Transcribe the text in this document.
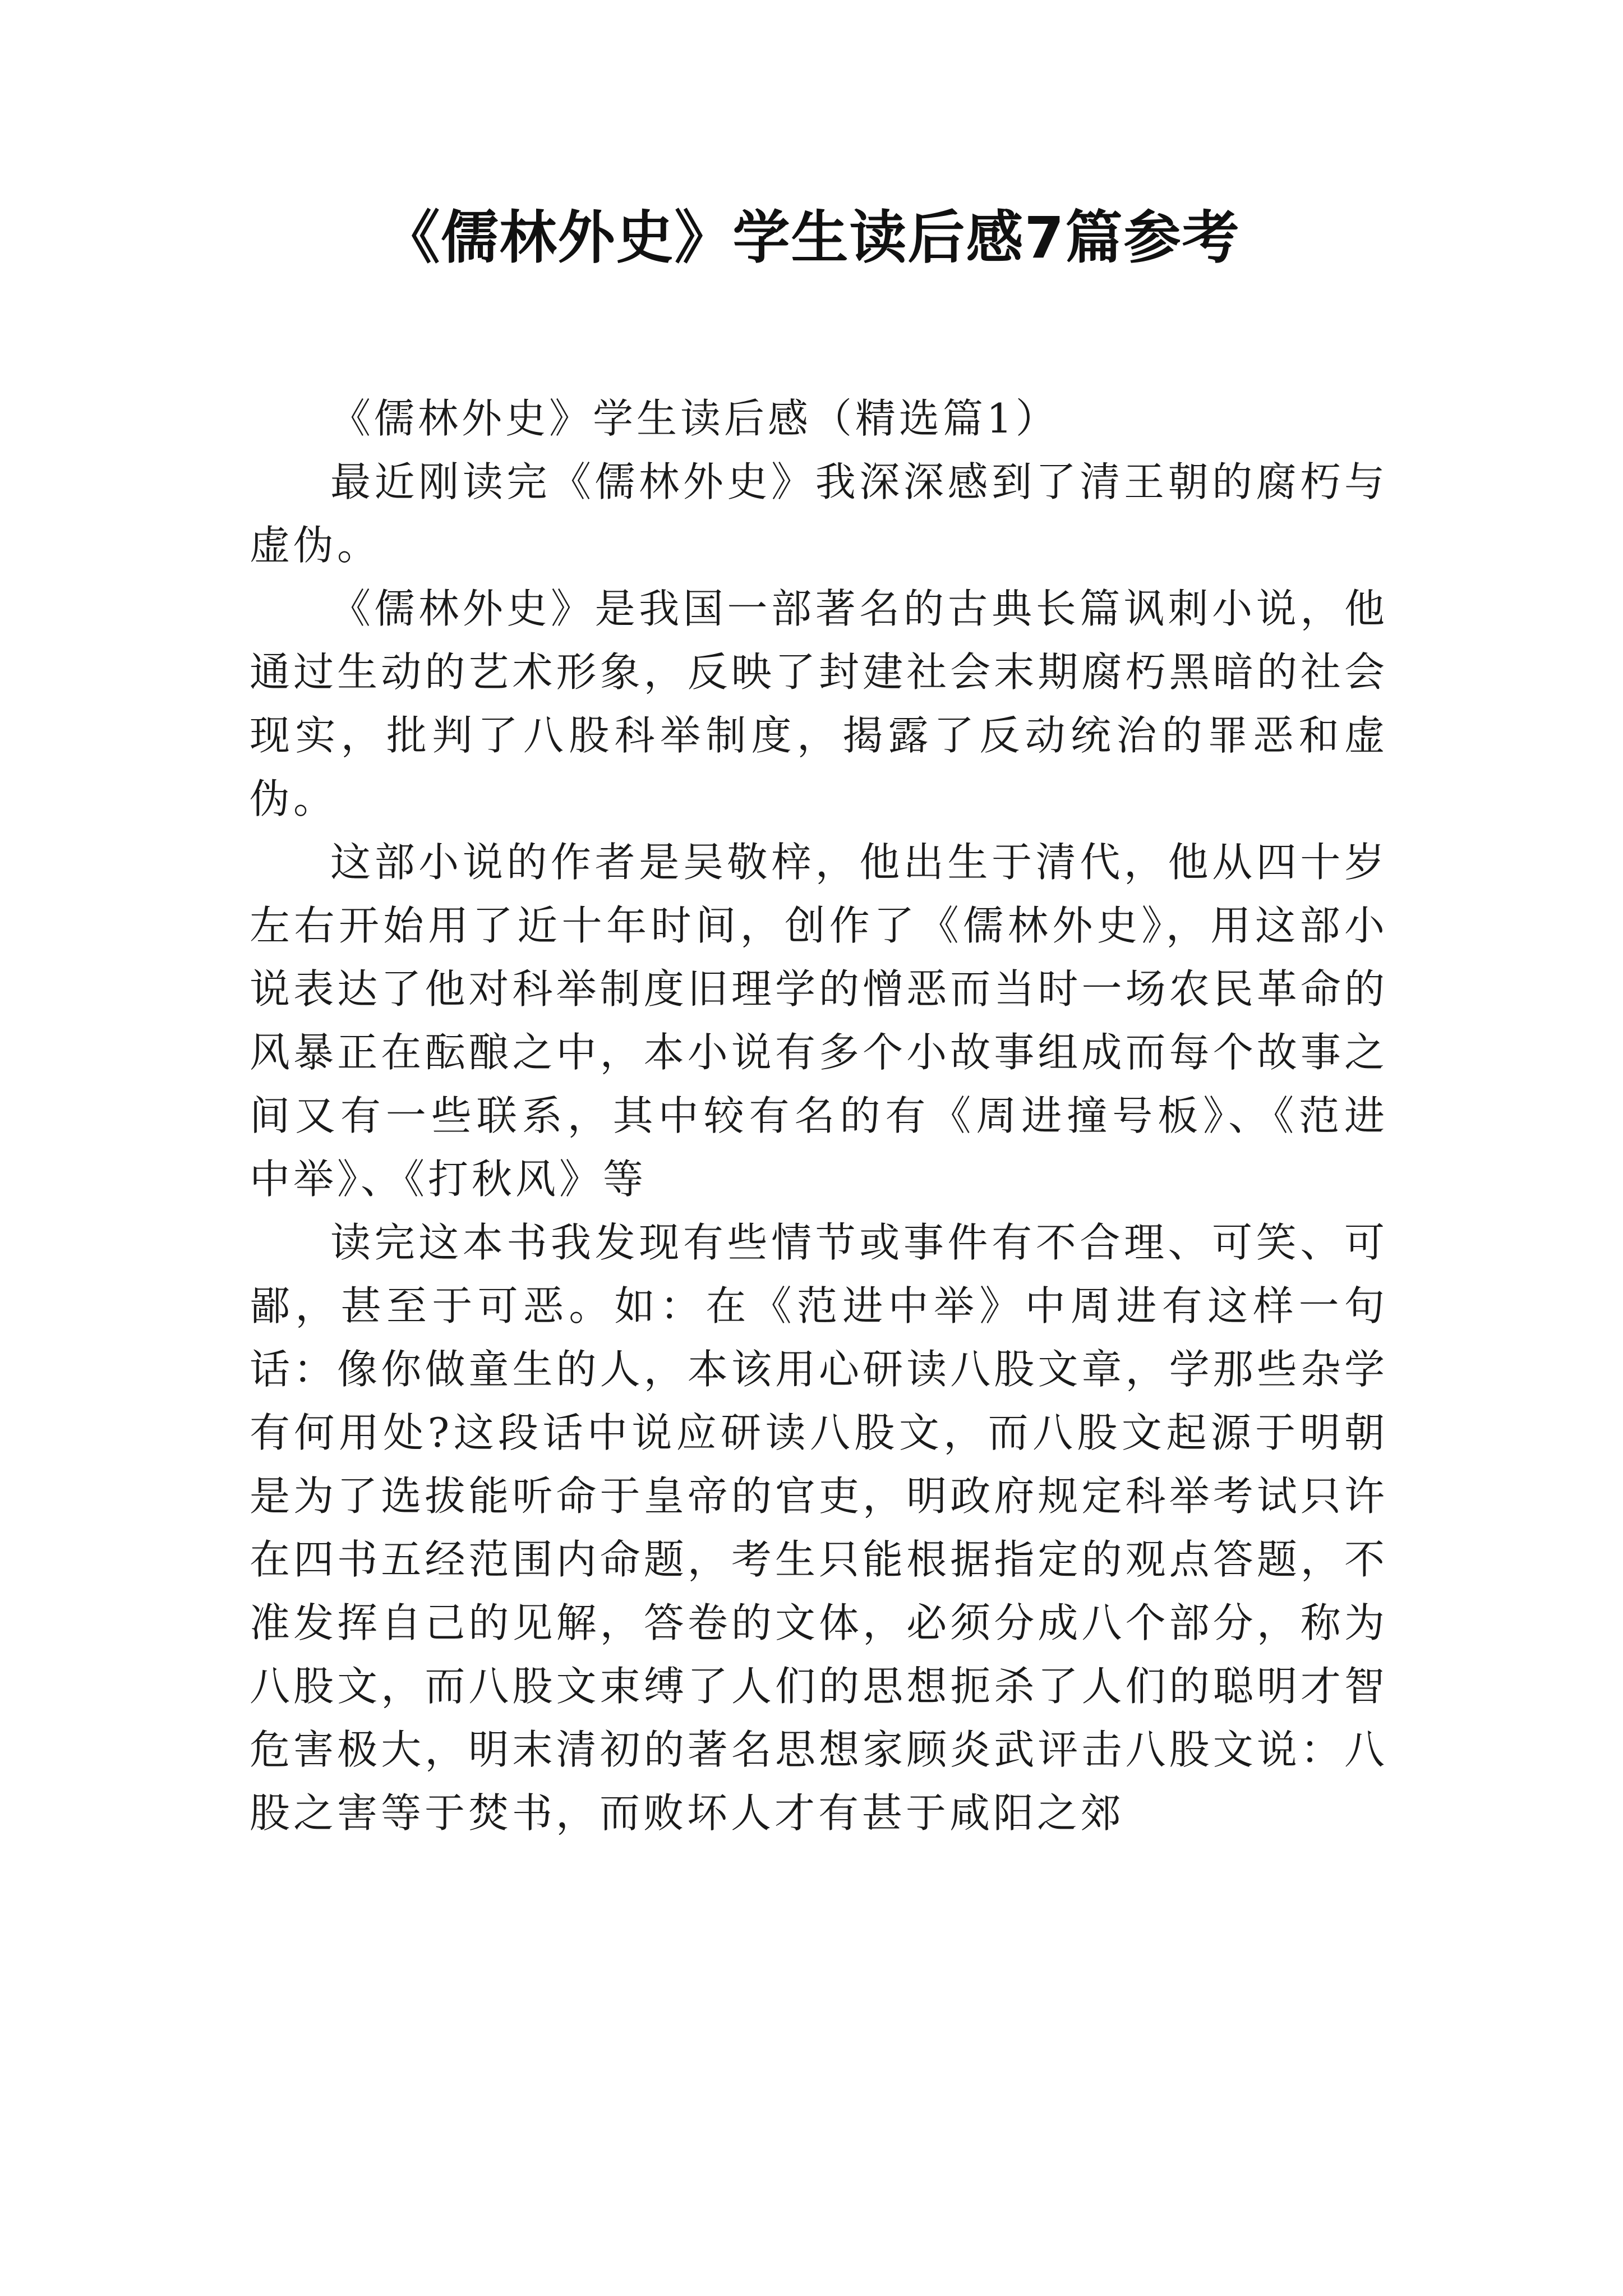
《儒林外史》学生读后感7篇参考

《儒林外史》学生读后感（精选篇1）

最近刚读完《儒林外史》我深深感到了清王朝的腐朽与虚伪。

《儒林外史》是我国一部著名的古典长篇讽刺小说，他通过生动的艺术形象，反映了封建社会末期腐朽黑暗的社会现实，批判了八股科举制度，揭露了反动统治的罪恶和虚伪。

这部小说的作者是吴敬梓，他出生于清代，他从四十岁左右开始用了近十年时间，创作了《儒林外史》，用这部小说表达了他对科举制度旧理学的憎恶而当时一场农民革命的风暴正在酝酿之中，本小说有多个小故事组成而每个故事之间又有一些联系，其中较有名的有《周进撞号板》、《范进中举》、《打秋风》等

读完这本书我发现有些情节或事件有不合理、可笑、可鄙，甚至于可恶。如：在《范进中举》中周进有这样一句话：像你做童生的人，本该用心研读八股文章，学那些杂学有何用处?这段话中说应研读八股文，而八股文起源于明朝是为了选拔能听命于皇帝的官吏，明政府规定科举考试只许在四书五经范围内命题，考生只能根据指定的观点答题，不准发挥自己的见解，答卷的文体，必须分成八个部分，称为八股文，而八股文束缚了人们的思想扼杀了人们的聪明才智危害极大，明末清初的著名思想家顾炎武评击八股文说：八股之害等于焚书，而败坏人才有甚于咸阳之郊
